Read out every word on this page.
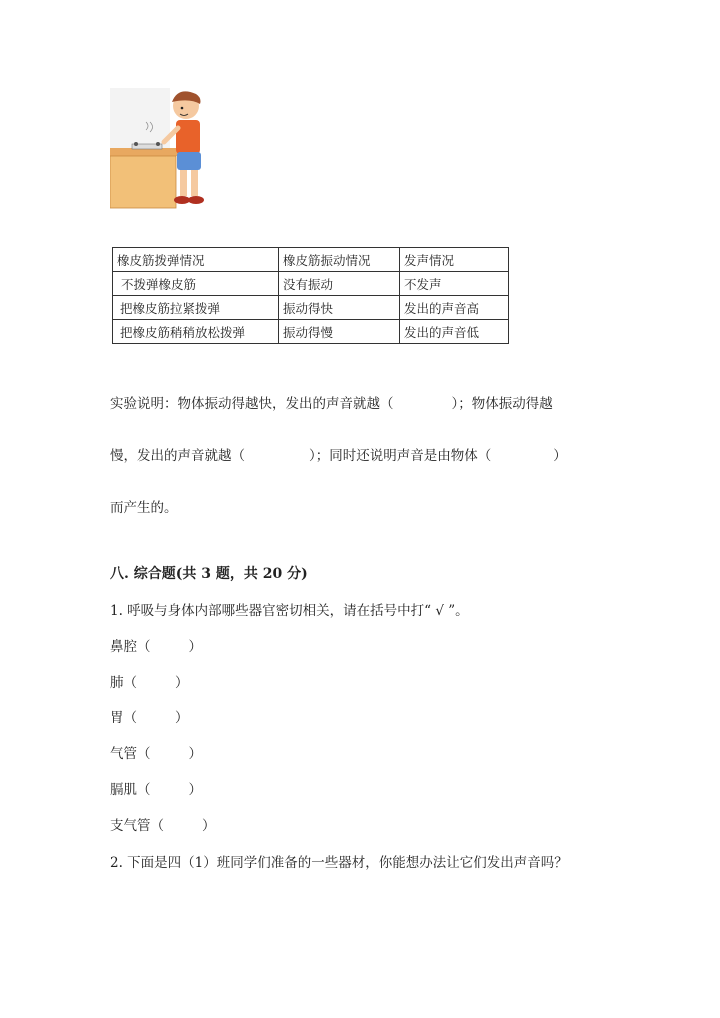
橡皮筋拨弹情况	橡皮筋振动情况	发声情况
不拨弹橡皮筋	没有振动	不发声
把橡皮筋拉紧拨弹	振动得快	发出的声音高
把橡皮筋稍稍放松拨弹	振动得慢	发出的声音低
实验说明：物体振动得越快，发出的声音就越（	）；物体振动得越
慢，发出的声音就越（	）；同时还说明声音是由物体（	）
而产生的。
八. 综合题(共 3 题，共 20 分)
1. 呼吸与身体内部哪些器官密切相关，请在括号中打“ √ ”。
鼻腔（	）
肺（	）
胃（	）
气管（	）
膈肌（	）
支气管（	）
2. 下面是四（1）班同学们准备的一些器材，你能想办法让它们发出声音吗？
